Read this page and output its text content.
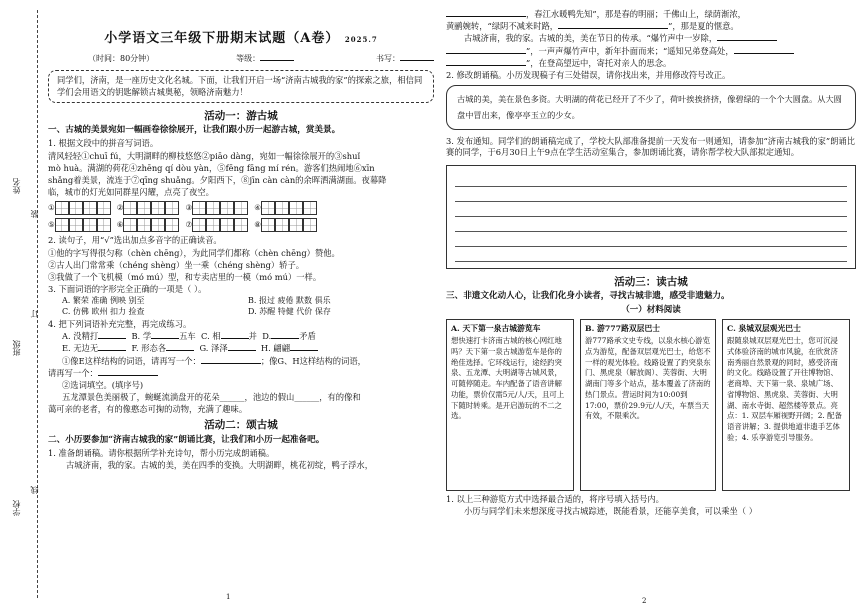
姓名
班级
学校
装
订
线
小学语文三年级下册期末试题（A卷） 2025.7
（时间：80分钟）	等级：	书写：
同学们，济南，是一座历史文化名城。下面，让我们开启一场“济南古城我的家”的探索之旅，相信同学们会用语文的钥匙解锁古城奥秘，领略济南魅力！
活动一：游古城
一、古城的美景宛如一幅画卷徐徐展开，让我们跟小历一起游古城，赏美景。
1. 根据文段中的拼音写词语。
清风轻轻①chuī fú，大明湖畔的柳枝悠悠②piāo dàng，宛如一幅徐徐展开的③shuǐ
mò huà。满湖的荷花④zhēng qí dòu yàn，⑤fēng fāng mí rén。游客们热闹地⑥xīn
shǎng着美景，流连于⑦qīng shuǎng。夕阳西下，⑧jīn càn càn的余晖洒满湖面。夜幕降
临，城市的灯光如同群星闪耀，点亮了夜空。
①	②	③	④
⑤	⑥	⑦	⑧
2. 读句子，用“√”选出加点多音字的正确读音。
①他的字写得很匀称（chèn chēng），为此同学们都称（chèn chēng）赞他。
②古人出门常常乘（chéng shèng）坐一乘（chéng shèng）轿子。
③我做了一个飞机模（mó mú）型，和专卖店里的一模（mó mú）一样。
3. 下面词语的字形完全正确的一项是（ ）。
A. 繁荣 准确 例映 别至	B. 报过 疲倦 默数 俱乐
C. 仿佛 欧州 扣力 捡查	D. 苏醒 特健 代价 保存
4. 把下列词语补充完整，再完成练习。
A. 没精打	B. 学	五车 C. 相	并 D.	矛盾
E. 无边无	F. 形态各	G. 泽泽	H. 翩翩
①像E这样结构的词语，请再写一个：	；像G、H这样结构的词语，
请再写一个：
②选词填空。(填序号)
五龙潭景色美丽极了，蜿蜒流淌盘开的花朵______，池边的假山______，有的像和
蔼可亲的老者，有的像憨态可掬的动物，充满了趣味。
活动二：颂古城
二、小历要参加“济南古城我的家”朗诵比赛，让我们和小历一起准备吧。
1. 准备朗诵稿。请你根据所学补充诗句，帮小历完成朗诵稿。
古城济南，我的家。古城的美，美在四季的变换。大明湖畔，桃花初绽，鸭子浮水，
1
，春江水暖鸭先知”，那是春的明丽；千佛山上，绿荫渐浓，
黄鹂婉转，“绿阴不减来时路，	”，那是夏的惬意。
古城济南，我的家。古城的美，美在节日的传承。“爆竹声中一岁除，
”，一声声爆竹声中，新年扑面而来；“遥知兄弟登高处，
”，在登高望远中，寄托对亲人的思念。
2. 修改朗诵稿。小历发现稿子有三处错误，请你找出来，并用修改符号改正。
古城的美，美在景色多资。大明湖的荷花已经开了不少了，荷叶挨挨挤挤，像碧绿的一个个大圆盘。从大圆盘中冒出来，像亭亭玉立的少女。
3. 发布通知。同学们的朗诵稿完成了，学校大队部准备提前一天发布一则通知，请参加“济南古城我的家”朗诵比赛的同学，于6月30日上午9点在学生活动室集合，参加朗诵比赛，请你帮学校大队部拟定通知。
活动三：读古城
三、非遗文化动人心，让我们化身小读者，寻找古城非遗，感受非遗魅力。
（一）材料阅读
A. 天下第一泉古城游览车
想快速打卡济南古城的核心网红地吗？天下第一泉古城游览车是你的绝佳选择。它环线运行，途经趵突泉、五龙潭、大明湖等古城风景，可随停随走。车内配备了语音讲解功能，票价仅需5元/人/天，且可上下随时转乘。是开启游玩的不二之选。
B. 游777路双层巴士
游777路承文史专线，以泉水核心游览点为游览，配备双层观光巴士，给您不一样的观光体验。线路设置了趵突泉东门、黑虎泉（解放阁）、芙蓉街、大明湖南门等多个站点，基本覆盖了济南的热门景点。营运时间为10:00到17:00，票价29.9元/人/天，车票当天有效，不限乘次。
C. 泉城双层观光巴士
跟随泉城双层观光巴士，您可沉浸式体验济南的城市风貌，在欣赏济南秀丽自然景观的同时，感受济南的文化。线路设置了开往博物馆、老商埠、天下第一泉、泉城广场、省博物馆、黑虎泉、芙蓉街、大明湖、南水寺街、超然楼等景点。亮点：1. 双层车厢视野开阔；2. 配备语音讲解；3. 提供地道非遗手艺体验；4. 乐享游览引导服务。
1. 以上三种游览方式中选择最合适的，将序号填入括号内。
小历与同学们未来想深度寻找古城踪迹，既能看景，还能享美食，可以乘坐（ ）
2
